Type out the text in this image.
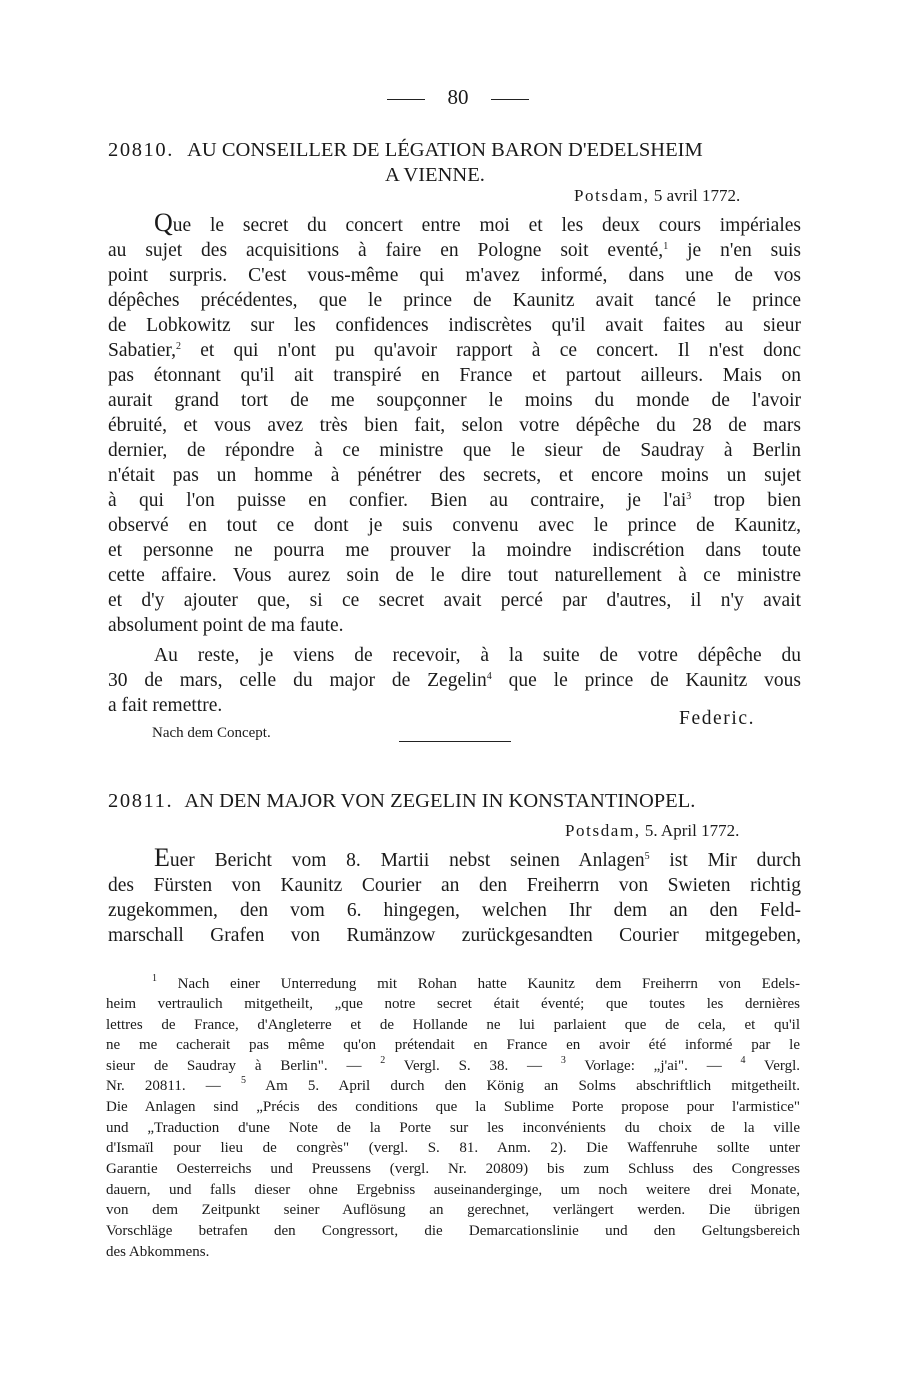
80
20810. AU CONSEILLER DE LÉGATION BARON D'EDELSHEIM
A VIENNE.
Potsdam, 5 avril 1772.
Que le secret du concert entre moi et les deux cours impériales
au sujet des acquisitions à faire en Pologne soit eventé,$^1$ je n'en suis
point surpris. C'est vous-même qui m'avez informé, dans une de vos
dépêches précédentes, que le prince de Kaunitz avait tancé le prince
de Lobkowitz sur les confidences indiscrètes qu'il avait faites au sieur
Sabatier,$^2$ et qui n'ont pu qu'avoir rapport à ce concert. Il n'est donc
pas étonnant qu'il ait transpiré en France et partout ailleurs. Mais on
aurait grand tort de me soupçonner le moins du monde de l'avoir
ébruité, et vous avez très bien fait, selon votre dépêche du 28 de mars
dernier, de répondre à ce ministre que le sieur de Saudray à Berlin
n'était pas un homme à pénétrer des secrets, et encore moins un sujet
à qui l'on puisse en confier. Bien au contraire, je $l'ai^3$ trop bien
observé en tout ce dont je suis convenu avec le prince de Kaunitz,
et personne ne pourra me prouver la moindre indiscrétion dans toute
cette affaire. Vous aurez soin de le dire tout naturellement à ce ministre
et d'y ajouter que, si ce secret avait percé par d'autres, il n'y avait
absolument point de ma faute.
Au reste, je viens de recevoir, à la suite de votre dépêche du
30 de mars, celle du major de Zegelin$^4$ que le prince de Kaunitz vous
a fait remettre.
Federic.
Nach dem Concept.
20811. AN DEN MAJOR VON ZEGELIN IN KONSTANTINOPEL.
Potsdam, 5. April 1772.
Euer Bericht vom 8. Martii nebst seinen Anlagen$^5$ ist Mir durch
des Fürsten von Kaunitz Courier an den Freiherrn von Swieten richtig
zugekommen, den vom 6. hingegen, welchen Ihr dem an den Feld-
marschall Grafen von Rumänzow zurückgesandten Courier mitgegeben,
$^1$ Nach einer Unterredung mit Rohan hatte Kaunitz dem Freiherrn von Edels-
heim vertraulich mitgetheilt, „que notre secret était éventé; que toutes les dernières
lettres de France, d'Angleterre et de Hollande ne lui parlaient que de cela, et qu'il
ne me cacherait pas même qu'on prétendait en France en avoir été informé par le
sieur de Saudray à Berlin". — $^2$ Vergl. S. 38. — $^3$ Vorlage: „j'ai". — $^4$ Vergl.
Nr. 20811. — $^5$ Am 5. April durch den König an Solms abschriftlich mitgetheilt.
Die Anlagen sind „Précis des conditions que la Sublime Porte propose pour l'armistice"
und „Traduction d'une Note de la Porte sur les inconvénients du choix de la ville
d'Ismaïl pour lieu de congrès" (vergl. S. 81. Anm. 2). Die Waffenruhe sollte unter
Garantie Oesterreichs und Preussens (vergl. Nr. 20809) bis zum Schluss des Congresses
dauern, und falls dieser ohne Ergebniss auseinanderginge, um noch weitere drei Monate,
von dem Zeitpunkt seiner Auflösung an gerechnet, verlängert werden. Die übrigen
Vorschläge betrafen den Congressort, die Demarcationslinie und den Geltungsbereich
des Abkommens.
